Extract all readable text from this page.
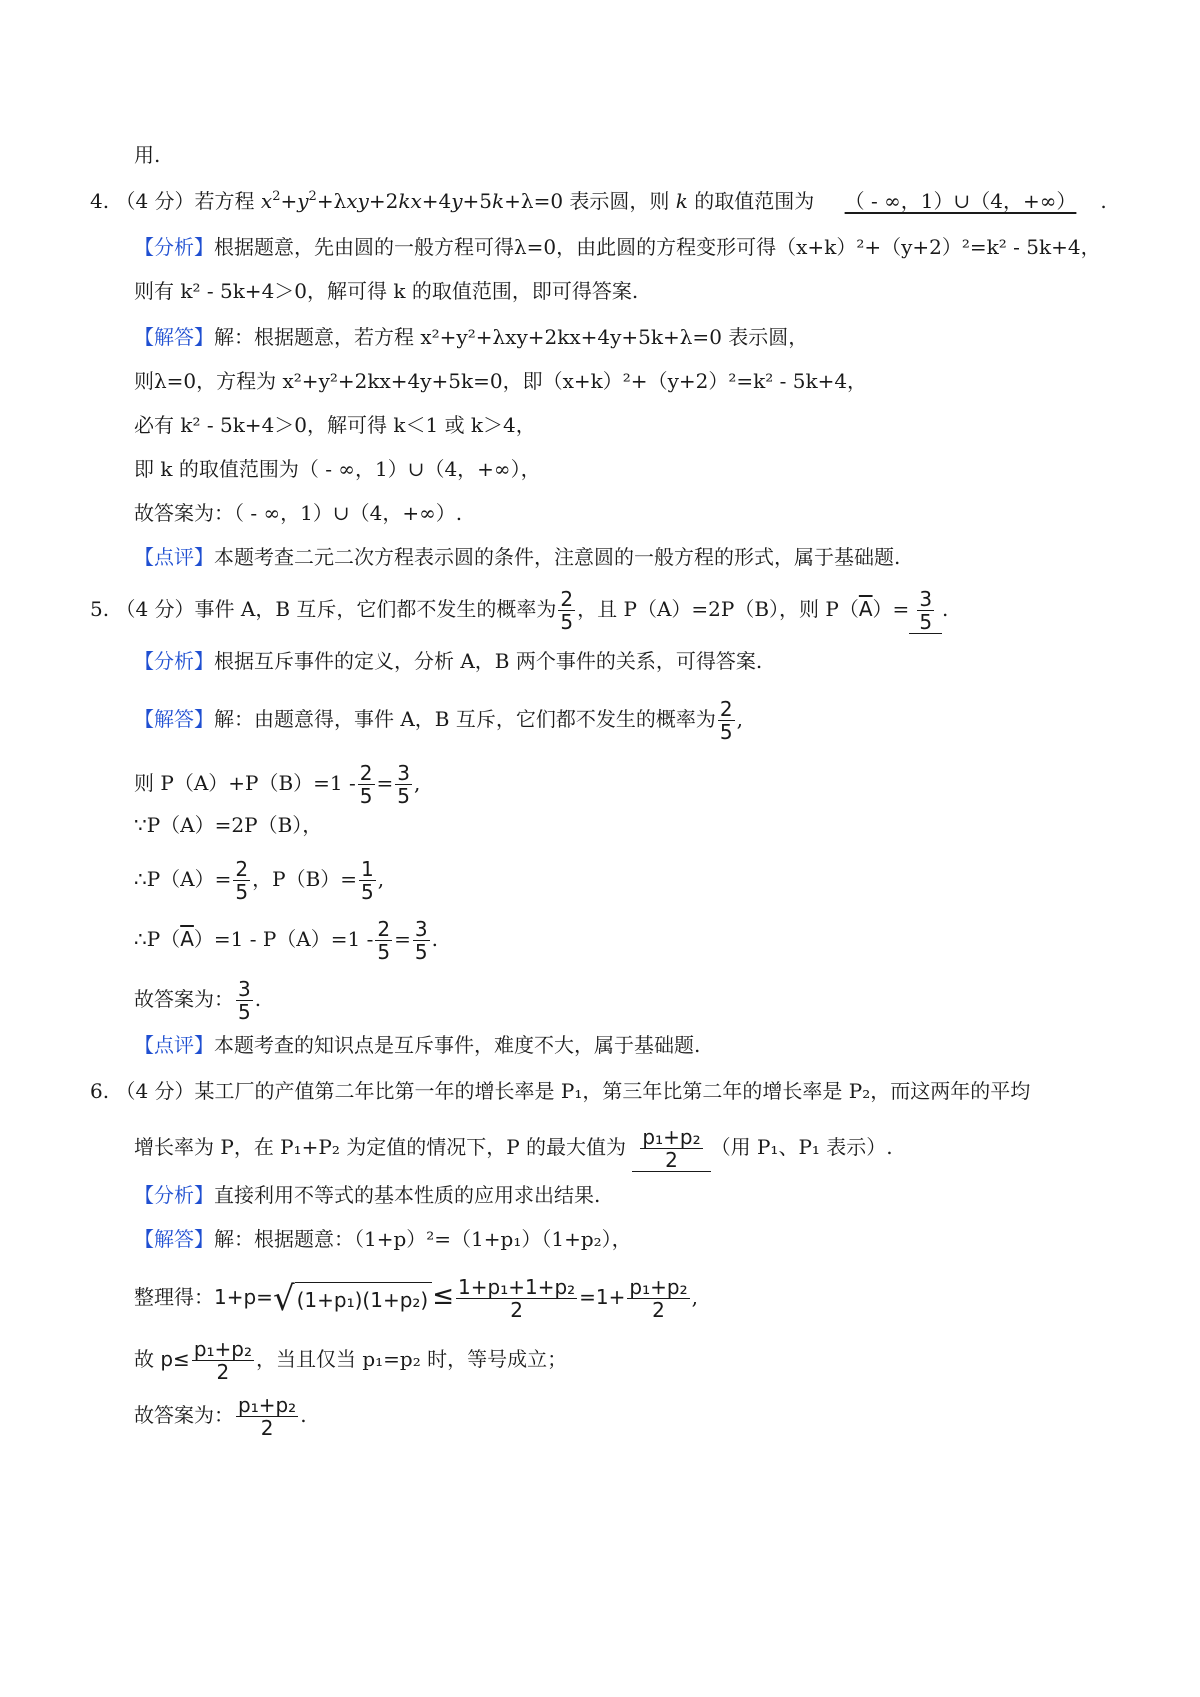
用.
4. （4 分）若方程 $x^2+y^2+\lambda xy+2kx+4y+5k+\lambda=0$ 表示圆，则 k 的取值范围为 （ - ∞，1）∪（4，+∞） .
【分析】根据题意，先由圆的一般方程可得λ=0，由此圆的方程变形可得（x+k）²+（y+2）²=k² - 5k+4，
则有 k² - 5k+4＞0，解可得 k 的取值范围，即可得答案.
【解答】解：根据题意，若方程 x²+y²+λxy+2kx+4y+5k+λ=0 表示圆，
则λ=0，方程为 x²+y²+2kx+4y+5k=0，即（x+k）²+（y+2）²=k² - 5k+4，
必有 k² - 5k+4＞0，解可得 k＜1 或 k＞4，
即 k 的取值范围为（ - ∞，1）∪（4，+∞），
故答案为：（ - ∞，1）∪（4，+∞）.
【点评】本题考查二元二次方程表示圆的条件，注意圆的一般方程的形式，属于基础题.
5. （4 分）事件 A，B 互斥，它们都不发生的概率为 $\frac{2}{5}$ ，且 P（A）=2P（B），则 $P(\overline{A})= \frac{3}{5}$ .
【分析】根据互斥事件的定义，分析 A，B 两个事件的关系，可得答案.
【解答】解：由题意得，事件 A，B 互斥，它们都不发生的概率为 $\frac{2}{5}$ ,
则 $P(A)+P(B)=1 - \frac{2}{5} = \frac{3}{5}$ ,
∵P（A）=2P（B），
∴P（A）= $\frac{2}{5}$ ，$P(B)= \frac{1}{5}$ ,
$\therefore P(\overline{A})=1 - P(A)=1 - \frac{2}{5} = \frac{3}{5}$ .
故答案为： $\frac{3}{5}$ .
【点评】本题考查的知识点是互斥事件，难度不大，属于基础题.
6. （4 分）某工厂的产值第二年比第一年的增长率是 P₁，第三年比第二年的增长率是 P₂，而这两年的平均
增长率为 P，在 P₁+P₂ 为定值的情况下，P 的最大值为 $\frac{\text{p₁+p₂}}{2}$ （用 P₁、P₁ 表示）.
【分析】直接利用不等式的基本性质的应用求出结果.
【解答】解：根据题意：（1+p）²=（1+p₁）（1+p₂），
整理得：1+p= √ $(1+p_1)(1+p_2) \le \frac{\text{1+p₁+1+p₂}}{2} =1+ \frac{\text{p₁+p₂}}{2}$ ,
故 $p\le \frac{\text{p₁+p₂}}{2}$ ，当且仅当 p₁=p₂ 时，等号成立；
故答案为： $\frac{\text{p₁+p₂}}{2}$ .
